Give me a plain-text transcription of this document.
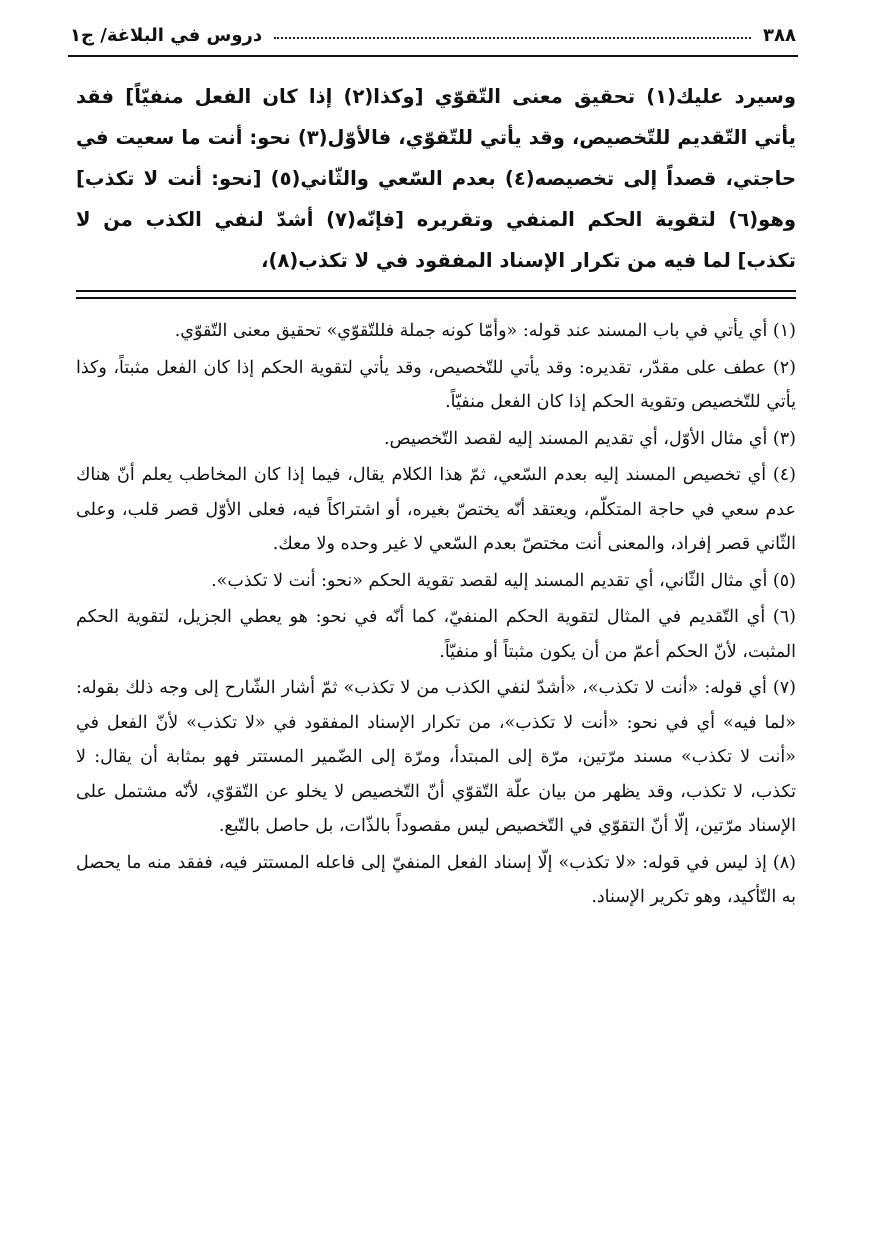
٣٨٨
دروس في البلاغة/ ج١

وسيرد عليك(١) تحقيق معنى التّقوّي [وكذا(٢) إذا كان الفعل منفيّاً] فقد يأتي التّقديم للتّخصيص، وقد يأتي للتّقوّي، فالأوّل(٣) نحو: أنت ما سعيت في حاجتي، قصداً إلى تخصيصه(٤) بعدم السّعي والثّاني(٥) [نحو: أنت لا تكذب] وهو(٦) لتقوية الحكم المنفي وتقريره [فإنّه(٧) أشدّ لنفي الكذب من لا تكذب] لما فيه من تكرار الإسناد المفقود في لا تكذب(٨)،

(١) أي يأتي في باب المسند عند قوله: «وأمّا كونه جملة فللتّقوّي» تحقيق معنى التّقوّي.
(٢) عطف على مقدّر، تقديره: وقد يأتي للتّخصيص، وقد يأتي لتقوية الحكم إذا كان الفعل مثبتاً، وكذا يأتي للتّخصيص وتقوية الحكم إذا كان الفعل منفيّاً.
(٣) أي مثال الأوّل، أي تقديم المسند إليه لقصد التّخصيص.
(٤) أي تخصيص المسند إليه بعدم السّعي، ثمّ هذا الكلام يقال، فيما إذا كان المخاطب يعلم أنّ هناك عدم سعي في حاجة المتكلّم، ويعتقد أنّه يختصّ بغيره، أو اشتراكاً فيه، فعلى الأوّل قصر قلب، وعلى الثّاني قصر إفراد، والمعنى أنت مختصّ بعدم السّعي لا غير وحده ولا معك.
(٥) أي مثال الثّاني، أي تقديم المسند إليه لقصد تقوية الحكم «نحو: أنت لا تكذب».
(٦) أي التّقديم في المثال لتقوية الحكم المنفيّ، كما أنّه في نحو: هو يعطي الجزيل، لتقوية الحكم المثبت، لأنّ الحكم أعمّ من أن يكون مثبتاً أو منفيّاً.
(٧) أي قوله: «أنت لا تكذب»، «أشدّ لنفي الكذب من لا تكذب» ثمّ أشار الشّارح إلى وجه ذلك بقوله: «لما فيه» أي في نحو: «أنت لا تكذب»، من تكرار الإسناد المفقود في «لا تكذب» لأنّ الفعل في «أنت لا تكذب» مسند مرّتين، مرّة إلى المبتدأ، ومرّة إلى الضّمير المستتر فهو بمثابة أن يقال: لا تكذب، لا تكذب، وقد يظهر من بيان علّة التّقوّي أنّ التّخصيص لا يخلو عن التّقوّي، لأنّه مشتمل على الإسناد مرّتين، إلّا أنّ التقوّي في التّخصيص ليس مقصوداً بالذّات، بل حاصل بالتّبع.
(٨) إذ ليس في قوله: «لا تكذب» إلّا إسناد الفعل المنفيّ إلى فاعله المستتر فيه، ففقد منه ما يحصل به التّأكيد، وهو تكرير الإسناد.
